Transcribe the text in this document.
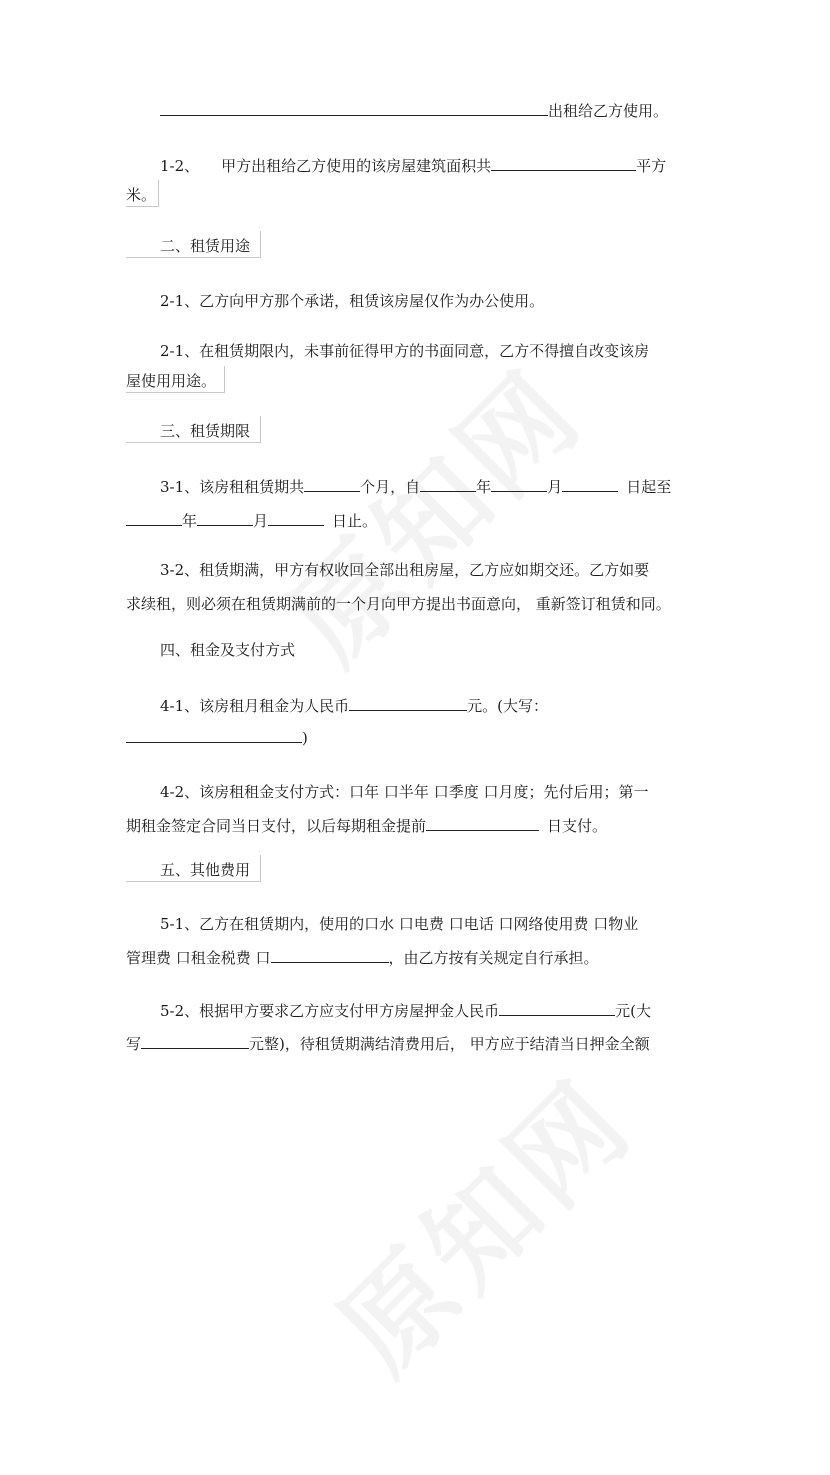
出租给乙方使用。
1-2、 甲方出租给乙方使用的该房屋建筑面积共	平方
米。
二、租赁用途
2-1、乙方向甲方那个承诺，租赁该房屋仅作为办公使用。
2-1、在租赁期限内，未事前征得甲方的书面同意，乙方不得擅自改变该房
屋使用用途。
三、租赁期限
3-1、该房租租赁期共	个月，自	年	月	日起至
年	月	日止。
3-2、租赁期满，甲方有权收回全部出租房屋，乙方应如期交还。乙方如要
求续租，则必须在租赁期满前的一个月向甲方提出书面意向， 重新签订租赁和同。
四、租金及支付方式
4-1、该房租月租金为人民币	元。(大写：
)
4-2、该房租租金支付方式：口年 口半年 口季度 口月度；先付后用；第一
期租金签定合同当日支付，以后每期租金提前	日支付。
五、其他费用
5-1、乙方在租赁期内，使用的口水 口电费 口电话 口网络使用费 口物业
管理费 口租金税费 口	，由乙方按有关规定自行承担。
5-2、根据甲方要求乙方应支付甲方房屋押金人民币	元(大
写	元整)，待租赁期满结清费用后， 甲方应于结清当日押金全额
